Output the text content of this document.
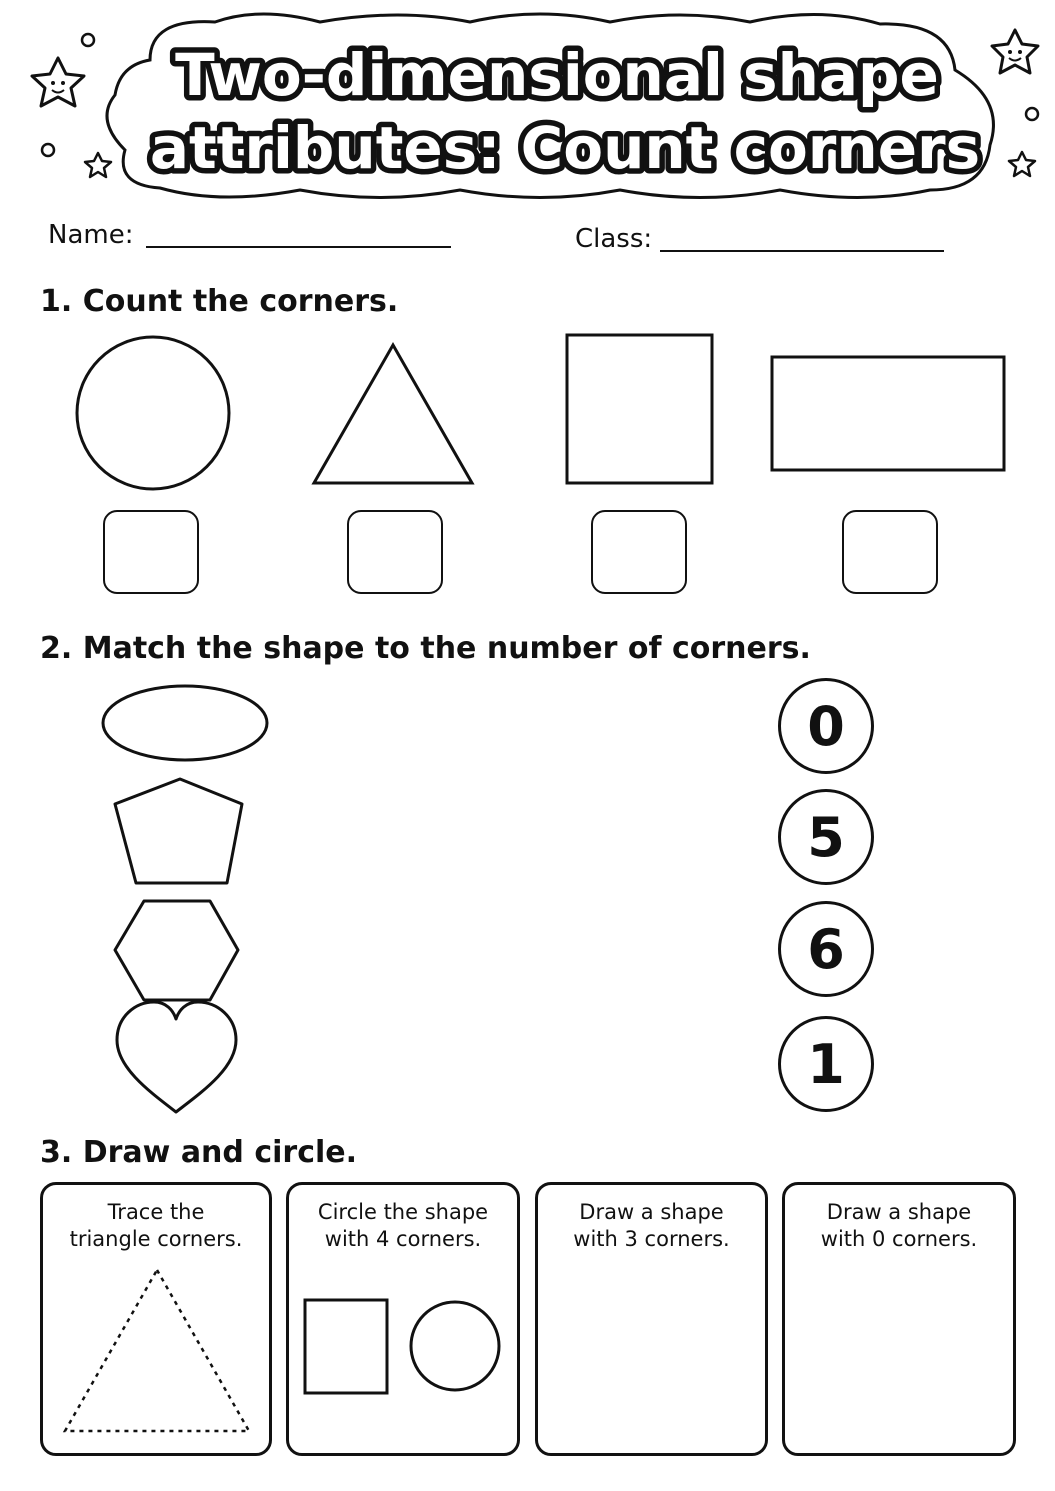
Two-dimensional shape
attributes: Count corners
Name:	Class:
1. Count the corners.
2. Match the shape to the number of corners.
0
5
6
1
3. Draw and circle.
Trace the
triangle corners.
Circle the shape
with 4 corners.
Draw a shape
with 3 corners.
Draw a shape
with 0 corners.
